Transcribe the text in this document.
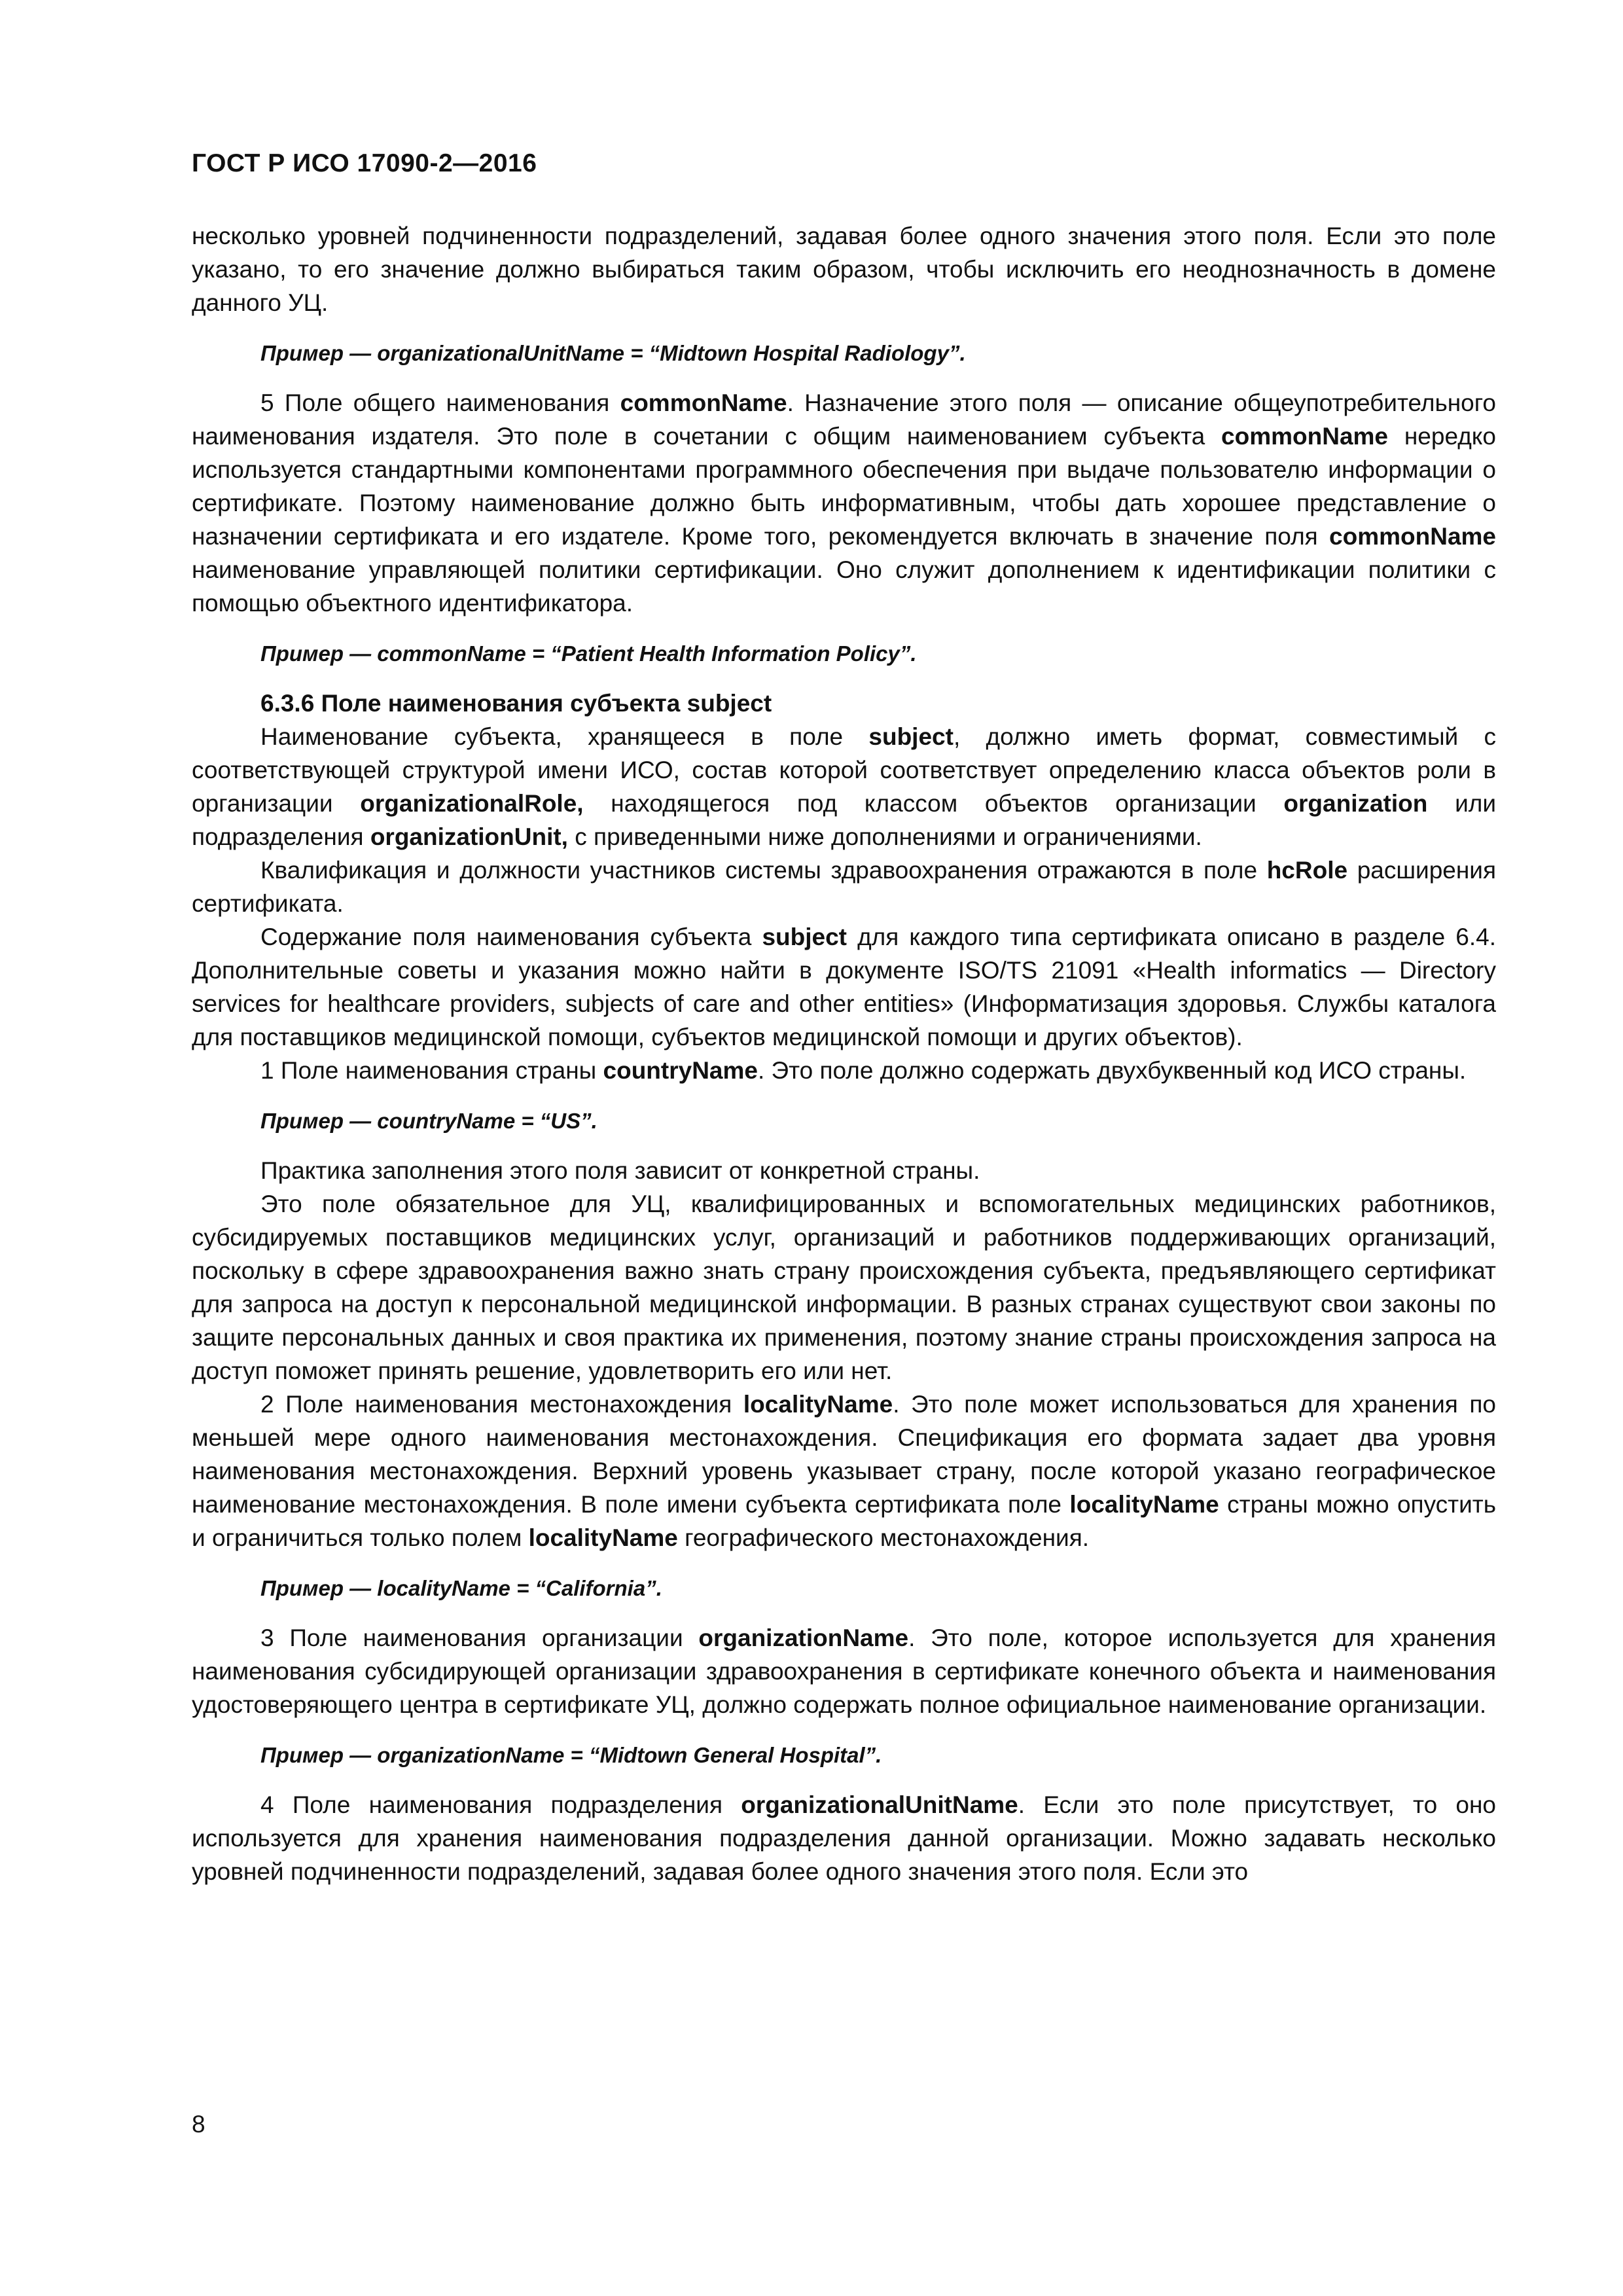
ГОСТ Р ИСО 17090-2—2016

несколько уровней подчиненности подразделений, задавая более одного значения этого поля. Если это поле указано, то его значение должно выбираться таким образом, чтобы исключить его неоднозначность в домене данного УЦ.

Пример — organizationalUnitName = “Midtown Hospital Radiology”.

5 Поле общего наименования commonName. Назначение этого поля — описание общеупотребительного наименования издателя. Это поле в сочетании с общим наименованием субъекта commonName нередко используется стандартными компонентами программного обеспечения при выдаче пользователю информации о сертификате. Поэтому наименование должно быть информативным, чтобы дать хорошее представление о назначении сертификата и его издателе. Кроме того, рекомендуется включать в значение поля commonName наименование управляющей политики сертификации. Оно служит дополнением к идентификации политики с помощью объектного идентификатора.

Пример — commonName = “Patient Health Information Policy”.

6.3.6 Поле наименования субъекта subject

Наименование субъекта, хранящееся в поле subject, должно иметь формат, совместимый с соответствующей структурой имени ИСО, состав которой соответствует определению класса объектов роли в организации organizationalRole, находящегося под классом объектов организации organization или подразделения organizationUnit, с приведенными ниже дополнениями и ограничениями.

Квалификация и должности участников системы здравоохранения отражаются в поле hcRole расширения сертификата.

Содержание поля наименования субъекта subject для каждого типа сертификата описано в разделе 6.4. Дополнительные советы и указания можно найти в документе ISO/TS 21091 «Health informatics — Directory services for healthcare providers, subjects of care and other entities» (Информатизация здоровья. Службы каталога для поставщиков медицинской помощи, субъектов медицинской помощи и других объектов).

1 Поле наименования страны countryName. Это поле должно содержать двухбуквенный код ИСО страны.

Пример — countryName = “US”.

Практика заполнения этого поля зависит от конкретной страны.

Это поле обязательное для УЦ, квалифицированных и вспомогательных медицинских работников, субсидируемых поставщиков медицинских услуг, организаций и работников поддерживающих организаций, поскольку в сфере здравоохранения важно знать страну происхождения субъекта, предъявляющего сертификат для запроса на доступ к персональной медицинской информации. В разных странах существуют свои законы по защите персональных данных и своя практика их применения, поэтому знание страны происхождения запроса на доступ поможет принять решение, удовлетворить его или нет.

2 Поле наименования местонахождения localityName. Это поле может использоваться для хранения по меньшей мере одного наименования местонахождения. Спецификация его формата задает два уровня наименования местонахождения. Верхний уровень указывает страну, после которой указано географическое наименование местонахождения. В поле имени субъекта сертификата поле localityName страны можно опустить и ограничиться только полем localityName географического местонахождения.

Пример — localityName = “California”.

3 Поле наименования организации organizationName. Это поле, которое используется для хранения наименования субсидирующей организации здравоохранения в сертификате конечного объекта и наименования удостоверяющего центра в сертификате УЦ, должно содержать полное официальное наименование организации.

Пример — organizationName = “Midtown General Hospital”.

4 Поле наименования подразделения organizationalUnitName. Если это поле присутствует, то оно используется для хранения наименования подразделения данной организации. Можно задавать несколько уровней подчиненности подразделений, задавая более одного значения этого поля. Если это

8
